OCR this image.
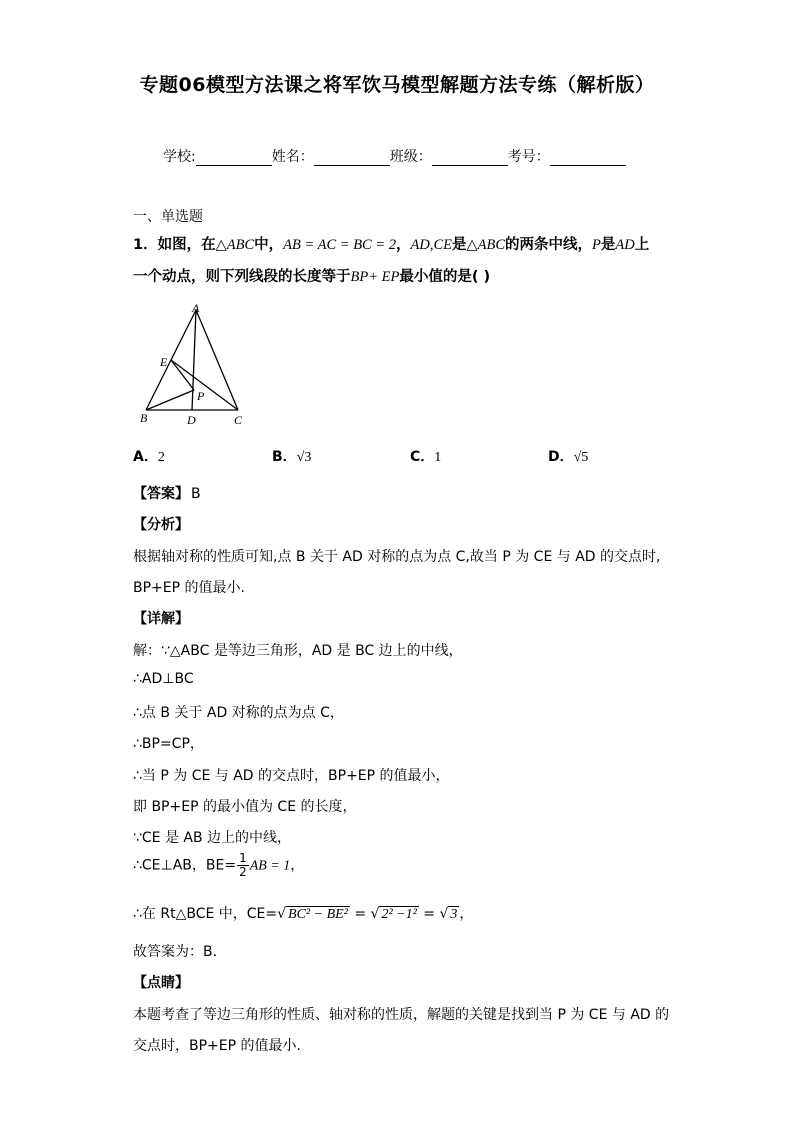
专题06模型方法课之将军饮马模型解题方法专练（解析版）
学校:	姓名：	班级：	考号：
一、单选题
1．如图，在△ABC中，AB = AC = BC = 2，AD,CE是△ABC的两条中线，P是AD上
一个动点，则下列线段的长度等于BP+ EP最小值的是( )
A
B	C
D
E
P
A．2	B．√3	C．1	D．√5
【答案】 B
【分析】
根据轴对称的性质可知,点 B 关于 AD 对称的点为点 C,故当 P 为 CE 与 AD 的交点时,
BP+EP 的值最小.
【详解】
解：∵△ABC 是等边三角形，AD 是 BC 边上的中线，
∴AD⊥BC
∴点 B 关于 AD 对称的点为点 C，
∴BP=CP，
∴当 P 为 CE 与 AD 的交点时，BP+EP 的值最小，
即 BP+EP 的最小值为 CE 的长度，
∵CE 是 AB 边上的中线，
∴CE⊥AB，$BE= \frac{1}{2}$ AB = 1，
∴在 Rt△BCE 中，CE=√ BC² − BE² = √ 2² −1² = √ 3 ，
故答案为：B．
【点睛】
本题考查了等边三角形的性质、轴对称的性质，解题的关键是找到当 P 为 CE 与 AD 的
交点时，BP+EP 的值最小.
